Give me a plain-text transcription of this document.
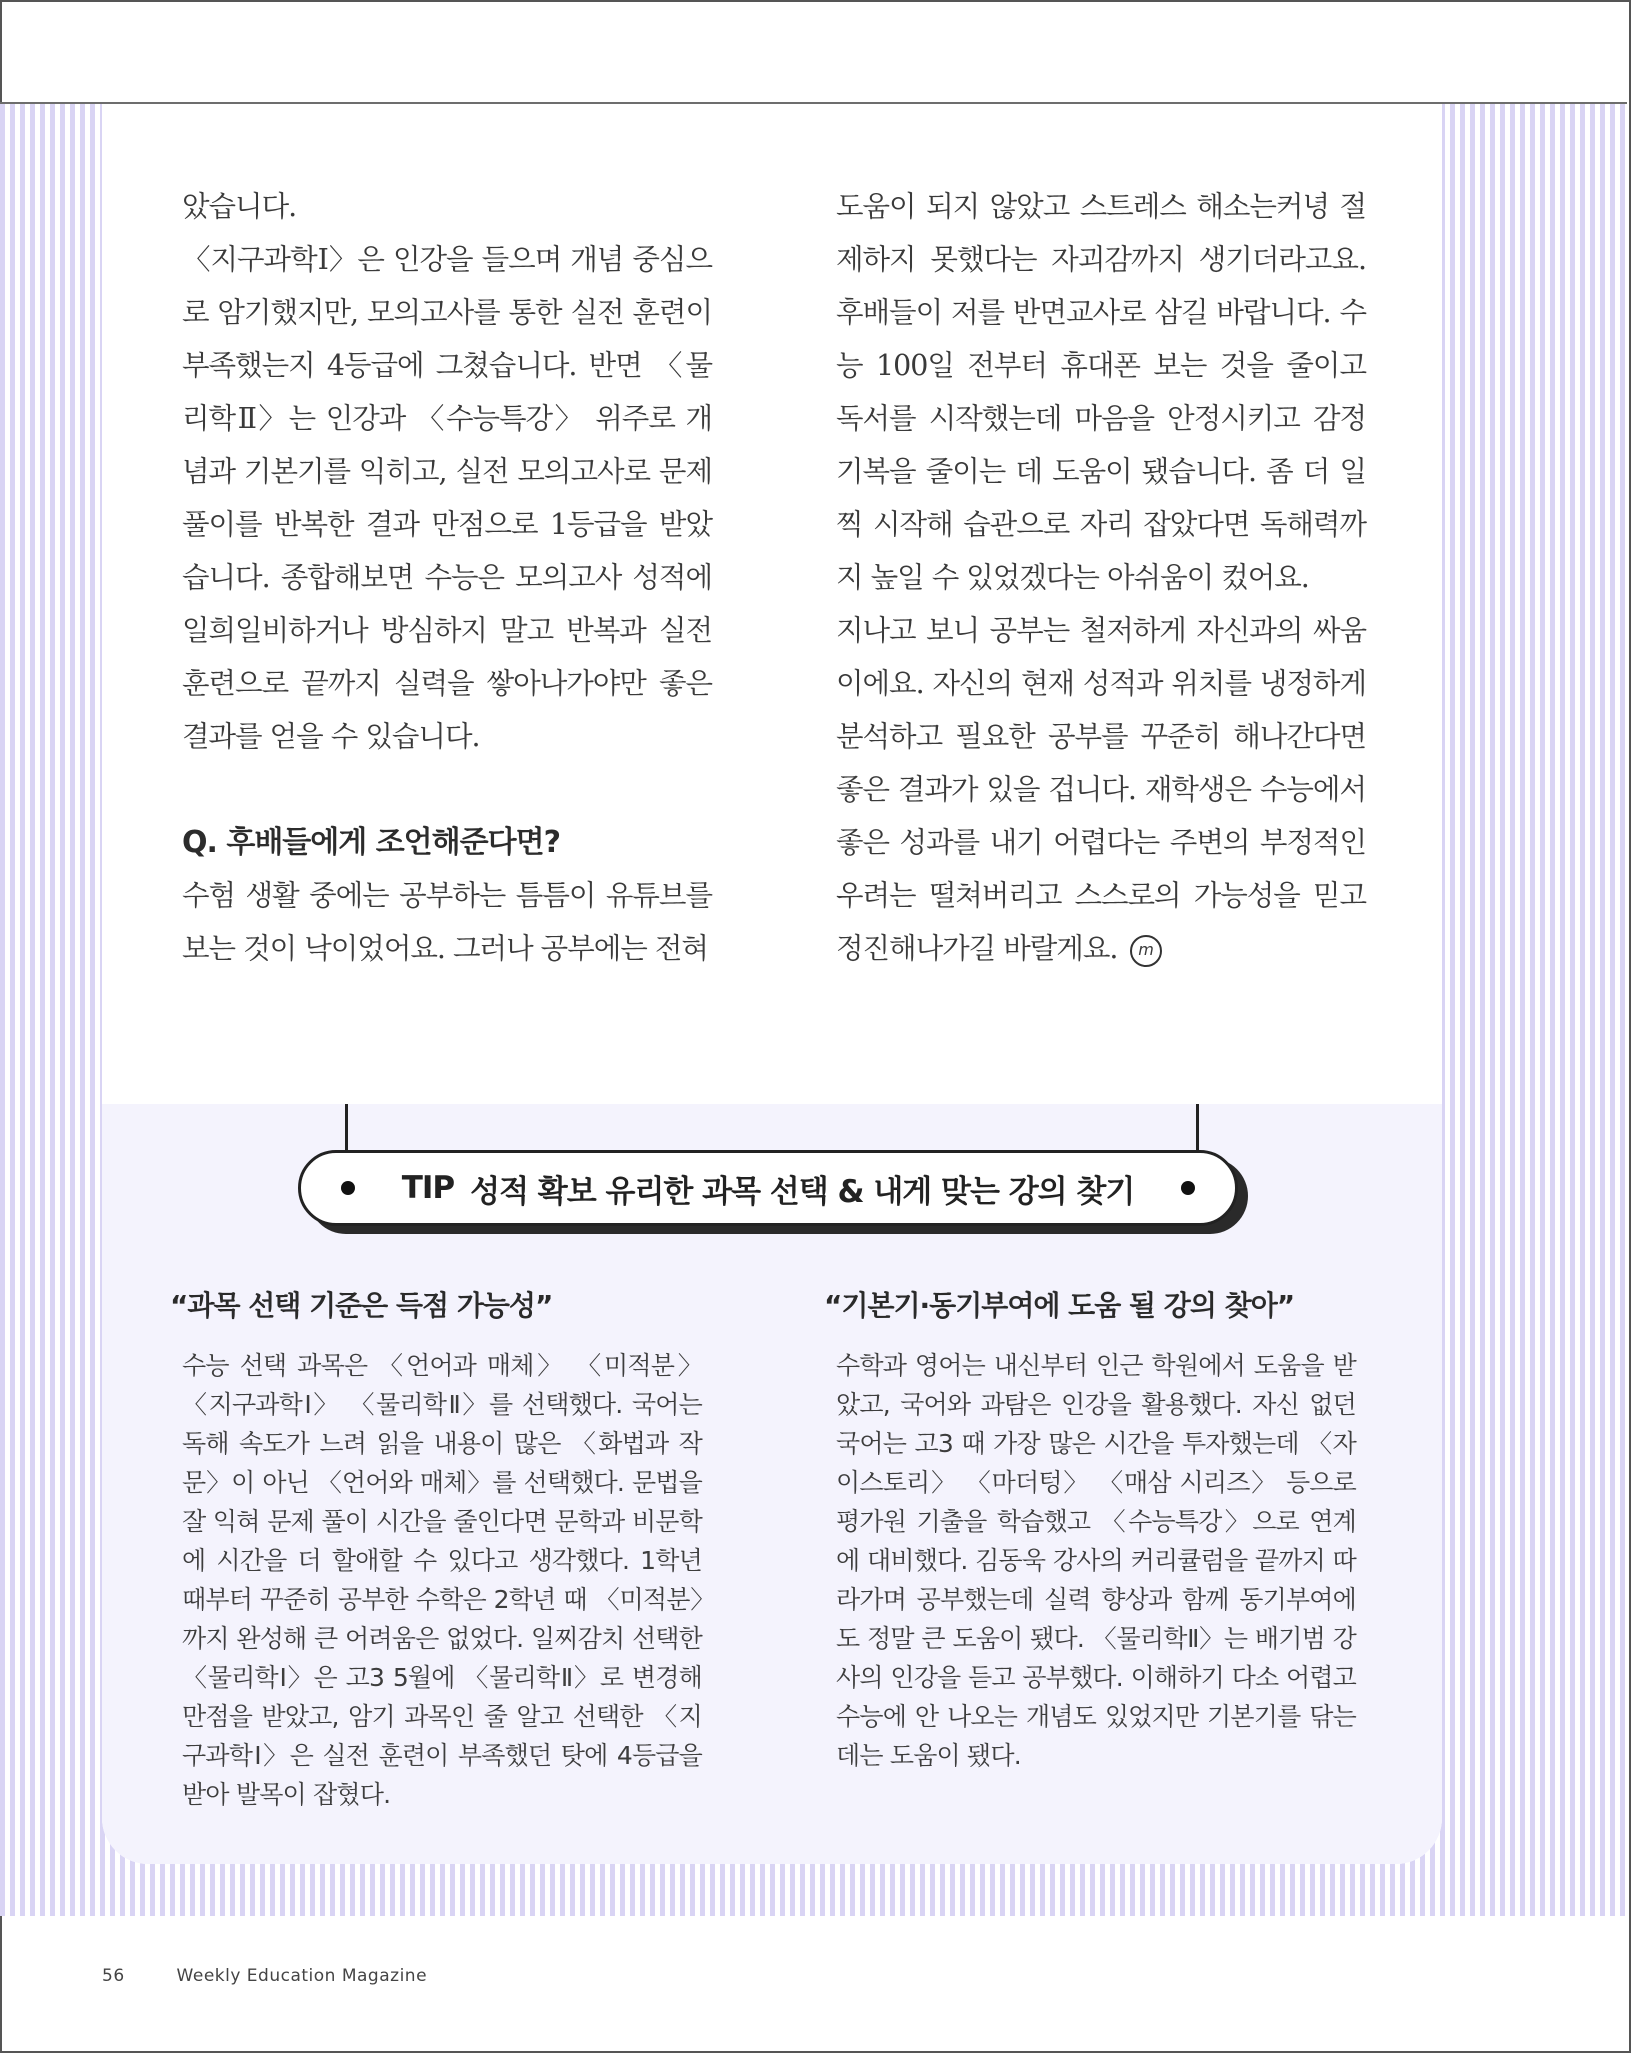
았습니다.

〈지구과학Ⅰ〉은 인강을 들으며 개념 중심으로 암기했지만, 모의고사를 통한 실전 훈련이 부족했는지 4등급에 그쳤습니다. 반면 〈물리학Ⅱ〉는 인강과 〈수능특강〉 위주로 개념과 기본기를 익히고, 실전 모의고사로 문제 풀이를 반복한 결과 만점으로 1등급을 받았습니다. 종합해보면 수능은 모의고사 성적에 일희일비하거나 방심하지 말고 반복과 실전 훈련으로 끝까지 실력을 쌓아나가야만 좋은 결과를 얻을 수 있습니다.

Q. 후배들에게 조언해준다면?

수험 생활 중에는 공부하는 틈틈이 유튜브를 보는 것이 낙이었어요. 그러나 공부에는 전혀

도움이 되지 않았고 스트레스 해소는커녕 절제하지 못했다는 자괴감까지 생기더라고요. 후배들이 저를 반면교사로 삼길 바랍니다. 수능 100일 전부터 휴대폰 보는 것을 줄이고 독서를 시작했는데 마음을 안정시키고 감정 기복을 줄이는 데 도움이 됐습니다. 좀 더 일찍 시작해 습관으로 자리 잡았다면 독해력까지 높일 수 있었겠다는 아쉬움이 컸어요.

지나고 보니 공부는 철저하게 자신과의 싸움이에요. 자신의 현재 성적과 위치를 냉정하게 분석하고 필요한 공부를 꾸준히 해나간다면 좋은 결과가 있을 겁니다. 재학생은 수능에서 좋은 성과를 내기 어렵다는 주변의 부정적인 우려는 떨쳐버리고 스스로의 가능성을 믿고 정진해나가길 바랄게요. m

TIP 성적 확보 유리한 과목 선택 & 내게 맞는 강의 찾기

“과목 선택 기준은 득점 가능성”

수능 선택 과목은 〈언어과 매체〉 〈미적분〉 〈지구과학Ⅰ〉 〈물리학Ⅱ〉를 선택했다. 국어는 독해 속도가 느려 읽을 내용이 많은 〈화법과 작문〉이 아닌 〈언어와 매체〉를 선택했다. 문법을 잘 익혀 문제 풀이 시간을 줄인다면 문학과 비문학에 시간을 더 할애할 수 있다고 생각했다. 1학년 때부터 꾸준히 공부한 수학은 2학년 때 〈미적분〉까지 완성해 큰 어려움은 없었다. 일찌감치 선택한 〈물리학Ⅰ〉은 고3 5월에 〈물리학Ⅱ〉로 변경해 만점을 받았고, 암기 과목인 줄 알고 선택한 〈지구과학Ⅰ〉은 실전 훈련이 부족했던 탓에 4등급을 받아 발목이 잡혔다.

“기본기·동기부여에 도움 될 강의 찾아”

수학과 영어는 내신부터 인근 학원에서 도움을 받았고, 국어와 과탐은 인강을 활용했다. 자신 없던 국어는 고3 때 가장 많은 시간을 투자했는데 〈자이스토리〉 〈마더텅〉 〈매삼 시리즈〉 등으로 평가원 기출을 학습했고 〈수능특강〉으로 연계에 대비했다. 김동욱 강사의 커리큘럼을 끝까지 따라가며 공부했는데 실력 향상과 함께 동기부여에도 정말 큰 도움이 됐다. 〈물리학Ⅱ〉는 배기범 강사의 인강을 듣고 공부했다. 이해하기 다소 어렵고 수능에 안 나오는 개념도 있었지만 기본기를 닦는 데는 도움이 됐다.

56	Weekly Education Magazine
